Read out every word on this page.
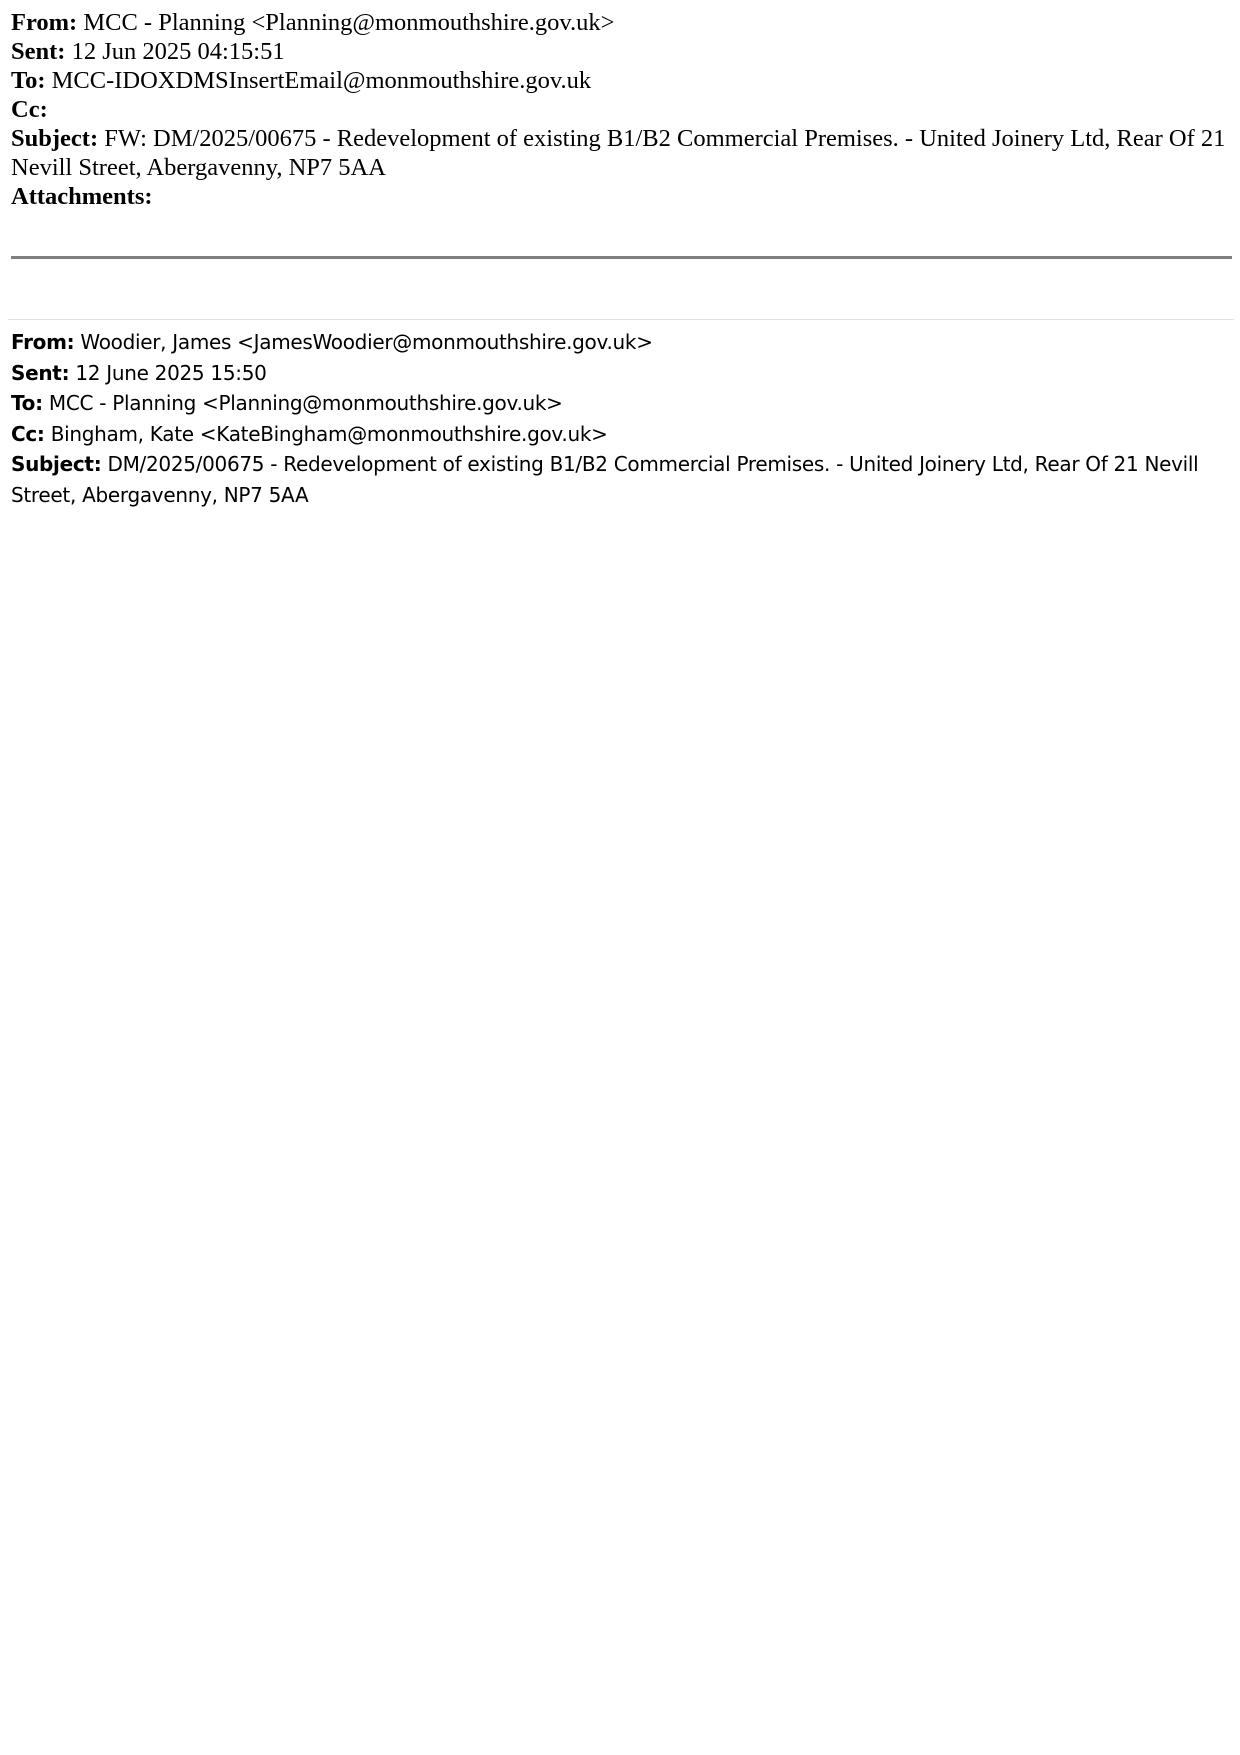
From: MCC - Planning <Planning@monmouthshire.gov.uk>

Sent: 12 Jun 2025 04:15:51

To: MCC-IDOXDMSInsertEmail@monmouthshire.gov.uk

Cc:

Subject: FW: DM/2025/00675 - Redevelopment of existing B1/B2 Commercial Premises. - United Joinery Ltd, Rear Of 21 Nevill Street, Abergavenny, NP7 5AA

Attachments:

From: Woodier, James <JamesWoodier@monmouthshire.gov.uk>

Sent: 12 June 2025 15:50

To: MCC - Planning <Planning@monmouthshire.gov.uk>

Cc: Bingham, Kate <KateBingham@monmouthshire.gov.uk>

Subject: DM/2025/00675 - Redevelopment of existing B1/B2 Commercial Premises. - United Joinery Ltd, Rear Of 21 Nevill Street, Abergavenny, NP7 5AA
